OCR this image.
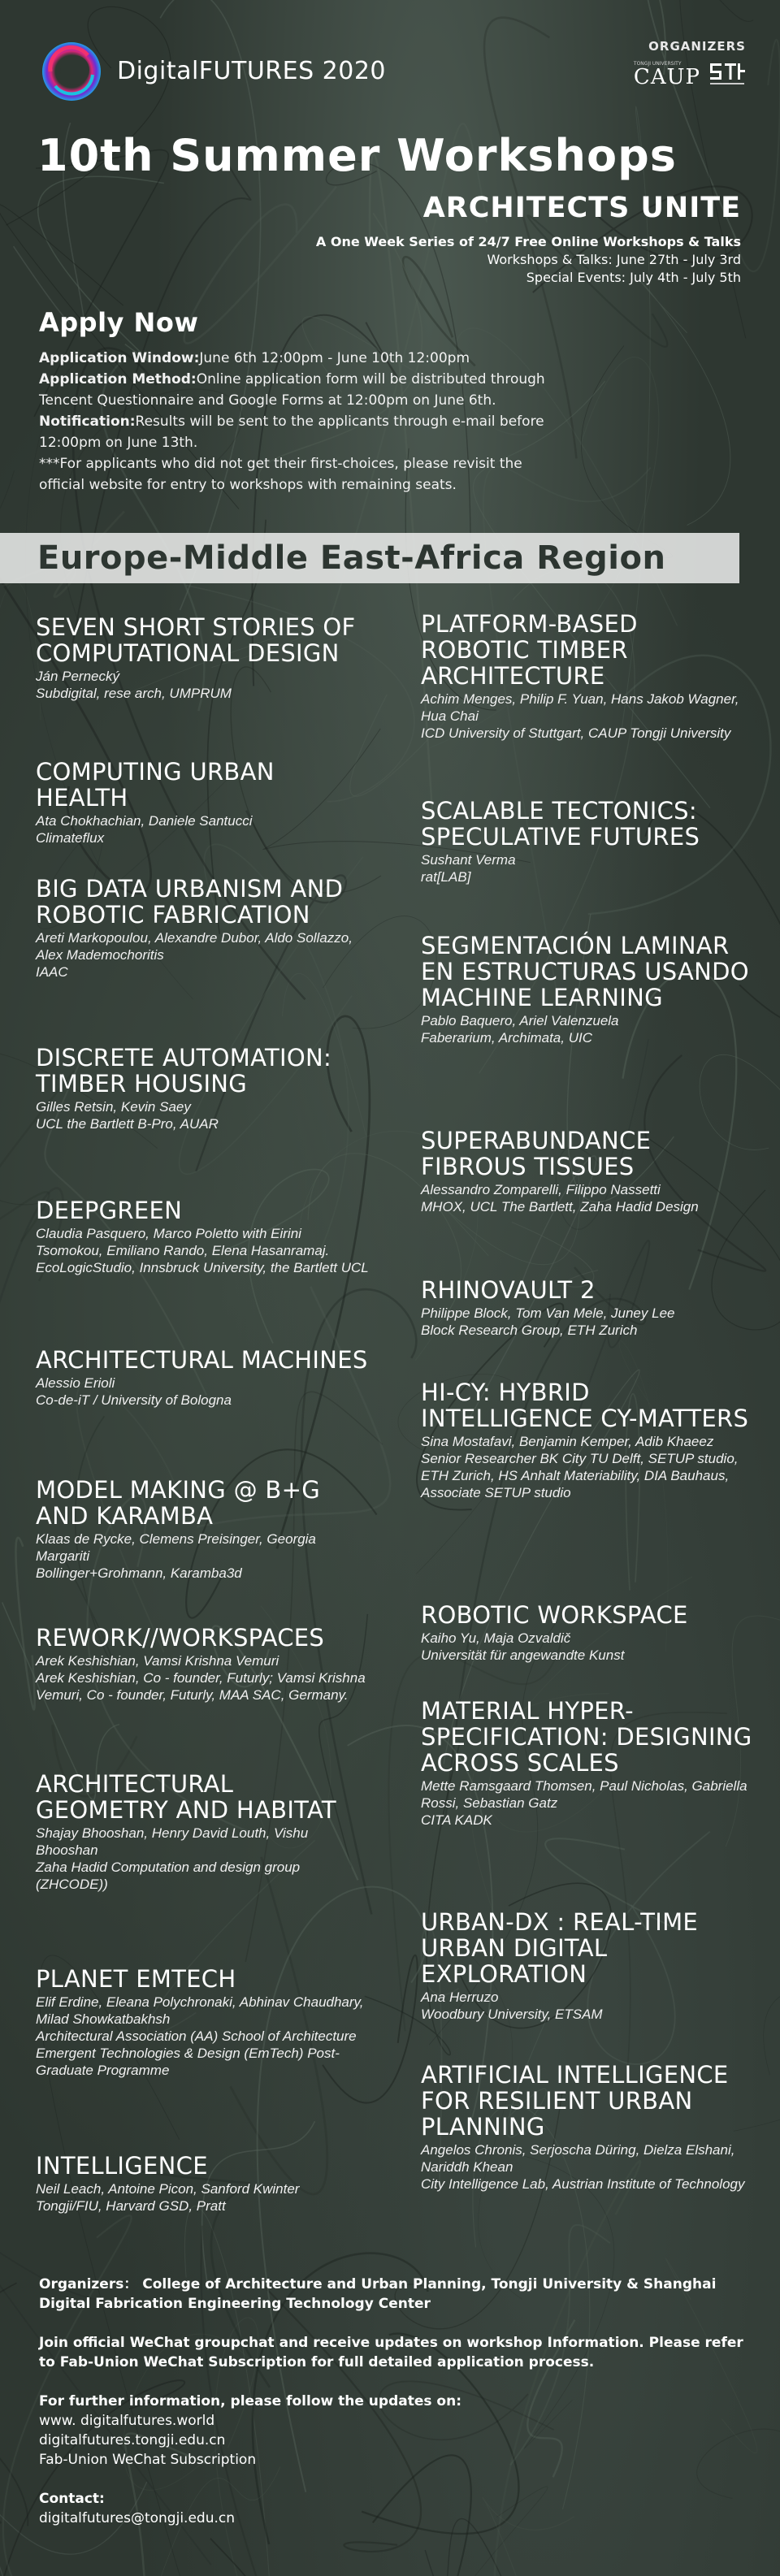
DigitalFUTURES 2020
ORGANIZERS
TONGJI UNIVERSITY
CAUP
10th Summer Workshops
ARCHITECTS UNITE
A One Week Series of 24/7 Free Online Workshops & Talks
Workshops & Talks: June 27th - July 3rd
Special Events: July 4th - July 5th
Apply Now

Application Window:June 6th 12:00pm - June 10th 12:00pm

Application Method:Online application form will be distributed through Tencent Questionnaire and Google Forms at 12:00pm on June 6th.

Notification:Results will be sent to the applicants through e-mail before 12:00pm on June 13th.

***For applicants who did not get their first-choices, please revisit the official website for entry to workshops with remaining seats.

Europe-Middle East-Africa Region
SEVEN SHORT STORIES OF COMPUTATIONAL DESIGN
Ján Pernecký
Subdigital, rese arch, UMPRUM
COMPUTING URBAN HEALTH
Ata Chokhachian, Daniele Santucci
Climateflux
BIG DATA URBANISM AND ROBOTIC FABRICATION
Areti Markopoulou, Alexandre Dubor, Aldo Sollazzo, Alex Mademochoritis
IAAC
DISCRETE AUTOMATION: TIMBER HOUSING
Gilles Retsin, Kevin Saey
UCL the Bartlett B-Pro, AUAR
DEEPGREEN
Claudia Pasquero, Marco Poletto with Eirini Tsomokou, Emiliano Rando, Elena Hasanramaj.
EcoLogicStudio, Innsbruck University, the Bartlett UCL
ARCHITECTURAL MACHINES
Alessio Erioli
Co-de-iT / University of Bologna
MODEL MAKING @ B+G AND KARAMBA
Klaas de Rycke, Clemens Preisinger, Georgia Margariti
Bollinger+Grohmann, Karamba3d
REWORK//WORKSPACES
Arek Keshishian, Vamsi Krishna Vemuri
Arek Keshishian, Co - founder, Futurly; Vamsi Krishna Vemuri, Co - founder, Futurly, MAA SAC, Germany.
ARCHITECTURAL GEOMETRY AND HABITAT
Shajay Bhooshan, Henry David Louth, Vishu Bhooshan
Zaha Hadid Computation and design group (ZHCODE))
PLANET EMTECH
Elif Erdine, Eleana Polychronaki, Abhinav Chaudhary, Milad Showkatbakhsh
Architectural Association (AA) School of Architecture Emergent Technologies & Design (EmTech) Post-Graduate Programme
INTELLIGENCE
Neil Leach, Antoine Picon, Sanford Kwinter
Tongji/FIU, Harvard GSD, Pratt
PLATFORM-BASED ROBOTIC TIMBER ARCHITECTURE
Achim Menges, Philip F. Yuan, Hans Jakob Wagner, Hua Chai
ICD University of Stuttgart, CAUP Tongji University
SCALABLE TECTONICS: SPECULATIVE FUTURES
Sushant Verma
rat[LAB]
SEGMENTACIÓN LAMINAR EN ESTRUCTURAS USANDO MACHINE LEARNING
Pablo Baquero, Ariel Valenzuela
Faberarium, Archimata, UIC
SUPERABUNDANCE FIBROUS TISSUES
Alessandro Zomparelli, Filippo Nassetti
MHOX, UCL The Bartlett, Zaha Hadid Design
RHINOVAULT 2
Philippe Block, Tom Van Mele, Juney Lee
Block Research Group, ETH Zurich
HI-CY: HYBRID INTELLIGENCE CY-MATTERS
Sina Mostafavi, Benjamin Kemper, Adib Khaeez
Senior Researcher BK City TU Delft, SETUP studio, ETH Zurich, HS Anhalt Materiability, DIA Bauhaus, Associate SETUP studio
ROBOTIC WORKSPACE
Kaiho Yu, Maja Ozvaldič
Universität für angewandte Kunst
MATERIAL HYPER-SPECIFICATION: DESIGNING ACROSS SCALES
Mette Ramsgaard Thomsen, Paul Nicholas, Gabriella Rossi, Sebastian Gatz
CITA KADK
URBAN-DX : REAL-TIME URBAN DIGITAL EXPLORATION
Ana Herruzo
Woodbury University, ETSAM
ARTIFICIAL INTELLIGENCE FOR RESILIENT URBAN PLANNING
Angelos Chronis, Serjoscha Düring, Dielza Elshani, Nariddh Khean
City Intelligence Lab, Austrian Institute of Technology
Organizers： College of Architecture and Urban Planning, Tongji University & Shanghai Digital Fabrication Engineering Technology Center
Join official WeChat groupchat and receive updates on workshop Information. Please refer to Fab-Union WeChat Subscription for full detailed application process.
For further information, please follow the updates on:
www. digitalfutures.world
digitalfutures.tongji.edu.cn
Fab-Union WeChat Subscription
Contact:
digitalfutures@tongji.edu.cn
